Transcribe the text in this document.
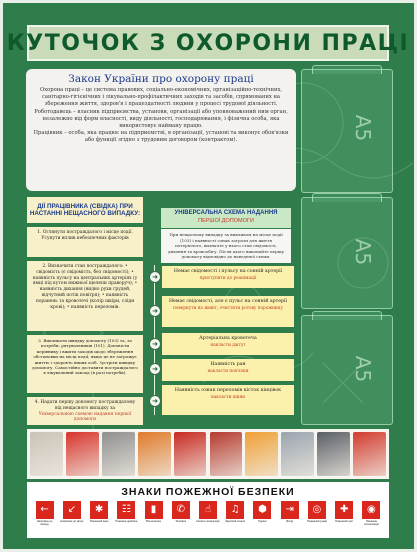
КУТОЧОК З ОХОРОНИ ПРАЦІ
Закон України про охорону праці

Охорона праці – це система правових, соціально-економічних, організаційно-технічних, санітарно-гігієнічних і лікувально-профілактичних заходів та засобів, спрямованих на збереження життя, здоров'я і працездатності людини у процесі трудової діяльності.

Роботодавець – власник підприємства, установи, організації або уповноважений ним орган, незалежно від форм власності, виду діяльності, господарювання, і фізична особа, яка використовує найману працю.

Працівник – особа, яка працює на підприємстві, в організації, установі та виконує обов'язки або функції згідно з трудовим договором (контрактом).	А5
А5
А5
ДІЇ ПРАЦІВНИКА (СВІДКА) ПРИ НАСТАННІ НЕЩАСНОГО ВИПАДКУ:
1. Оглянути постраждалого і місце події. Усунути вплив небезпечних факторів
2. Визначити стан постраждалого: • свідомість (є свідомість, без свідомості); • наявність пульсу на центральних артеріях (у ямці під кутом нижньої щелепи праворуч); • наявність дихання (видно рухи грудей, відчутний потік повітря); • наявність поранень та кровотечі (колір шкіри, сліди крові); • наявність переломів.
3. Викликати швидку допомогу (103) та, за потреби, рятувальників (101). Доповісти керівнику і вжити заходів щодо збереження обстановки на місці події, якщо це не загрожує життю і здоров'ю інших осіб. Зустріти швидку допомогу. Самостійно доставити постраждалого в лікувальний заклад (в разі потреби).
4. Надати першу допомогу постраждалому від нещасного випадку за
Універсальною схемою надання першої допомоги
УНІВЕРСАЛЬНА СХЕМА НАДАННЯ
ПЕРШОЇ ДОПОМОГИ
При нещасному випадку за викликом на місце події (103) і наявності ознак загрози для життя потерпілого, визначте у нього стан свідомості, дихання та кровообігу. Після цього виконайте першу допомогу відповідно до наведеної схеми.
➜
Немає свідомості і пульсу на сонній артерії
приступити до реанімації
➜
Немає свідомості, але є пульс на сонній артерії
повернути на живіт, очистити ротову порожнину
➜
Артеріальна кровотеча
накласти джгут
➜	Наявність ран
накласти пов'язки
➜
Наявність ознак переломів кісток кінцівок
накласти шини
ЗНАКИ ПОЖЕЖНОЇ БЕЗПЕКИ
←
Напрямок до виходу
↙
Напрямок до місця
✱
Пожежний кран
☷
Пожежна драбина
▮
Вогнегасник
✆
Телефон
☝
Кнопка сигналізації
♫
Звуковий сигнал
⬢
Гідрант
⇥
Вихід
◎
Пожежний рукав
✚
Пожежний щит
◉
Пожежна сигналізація
